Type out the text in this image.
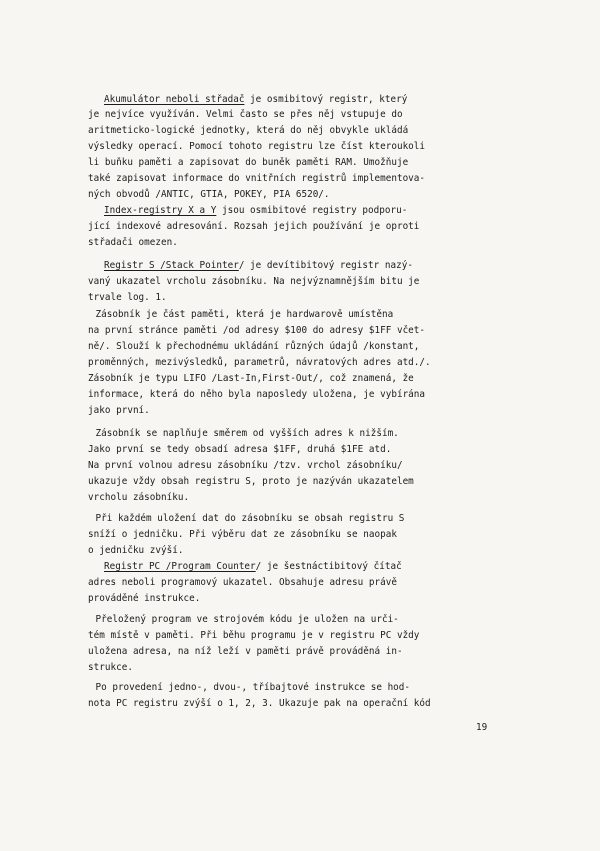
Akumulátor neboli střadač je osmibitový registr, který
je nejvíce využíván. Velmi často se přes něj vstupuje do
aritmeticko-logické jednotky, která do něj obvykle ukládá
výsledky operací. Pomocí tohoto registru lze číst kteroukoli
li buňku paměti a zapisovat do buněk paměti RAM. Umožňuje
také zapisovat informace do vnitřních registrů implementova-
ných obvodů /ANTIC, GTIA, POKEY, PIA 6520/.
Index-registry X a Y jsou osmibitové registry podporu-
jící indexové adresování. Rozsah jejich používání je oproti
střadači omezen.
Registr S /Stack Pointer/ je devítibitový registr nazý-
vaný ukazatel vrcholu zásobníku. Na nejvýznamnějším bitu je
trvale log. 1.
Zásobník je část paměti, která je hardwarově umístěna
na první stránce paměti /od adresy $100 do adresy $1FF včet-
ně/. Slouží k přechodnému ukládání různých údajů /konstant,
proměnných, mezivýsledků, parametrů, návratových adres atd./.
Zásobník je typu LIFO /Last-In,First-Out/, což znamená, že
informace, která do něho byla naposledy uložena, je vybírána
jako první.
Zásobník se naplňuje směrem od vyšších adres k nižším.
Jako první se tedy obsadí adresa $1FF, druhá $1FE atd.
Na první volnou adresu zásobníku /tzv. vrchol zásobníku/
ukazuje vždy obsah registru S, proto je nazýván ukazatelem
vrcholu zásobníku.
Při každém uložení dat do zásobníku se obsah registru S
sníží o jedničku. Při výběru dat ze zásobníku se naopak
o jedničku zvýší.
Registr PC /Program Counter/ je šestnáctibitový čítač
adres neboli programový ukazatel. Obsahuje adresu právě
prováděné instrukce.
Přeložený program ve strojovém kódu je uložen na urči-
tém místě v paměti. Při běhu programu je v registru PC vždy
uložena adresa, na níž leží v paměti právě prováděná in-
strukce.
Po provedení jedno-, dvou-, tříbajtové instrukce se hod-
nota PC registru zvýší o 1, 2, 3. Ukazuje pak na operační kód
19
